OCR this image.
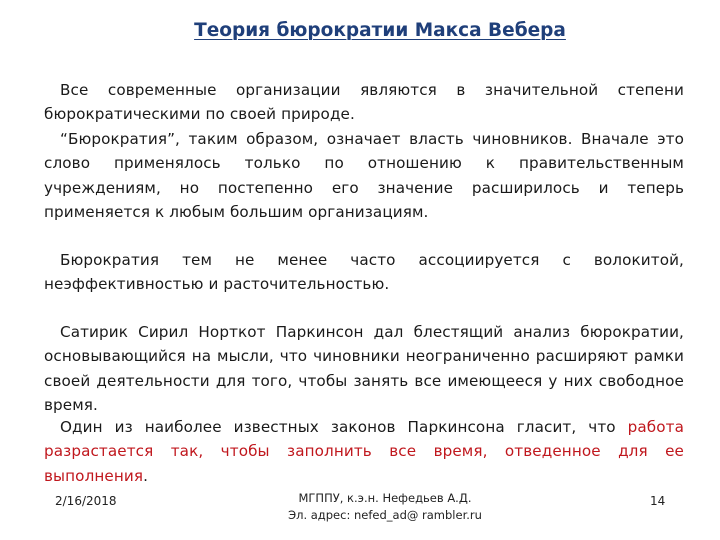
Теория бюрократии Макса Вебера

Все современные организации являются в значительной степени бюрократическими по своей природе.

“Бюрократия”, таким образом, означает власть чиновников. Вначале это слово применялось только по отношению к правительственным учреждениям, но постепенно его значение расширилось и теперь применяется к любым большим организациям.

Бюрократия тем не менее часто ассоциируется с волокитой, неэффективностью и расточительностью.

Сатирик Сирил Норткот Паркинсон дал блестящий анализ бюрократии, основывающийся на мысли, что чиновники неограниченно расширяют рамки своей деятельности для того, чтобы занять все имеющееся у них свободное время.

Один из наиболее известных законов Паркинсона гласит, что работа разрастается так, чтобы заполнить все время, отведенное для ее выполнения.

2/16/2018	МГППУ, к.э.н. Нефедьев А.Д.
Эл. адрес: nefed_ad@ rambler.ru
14
